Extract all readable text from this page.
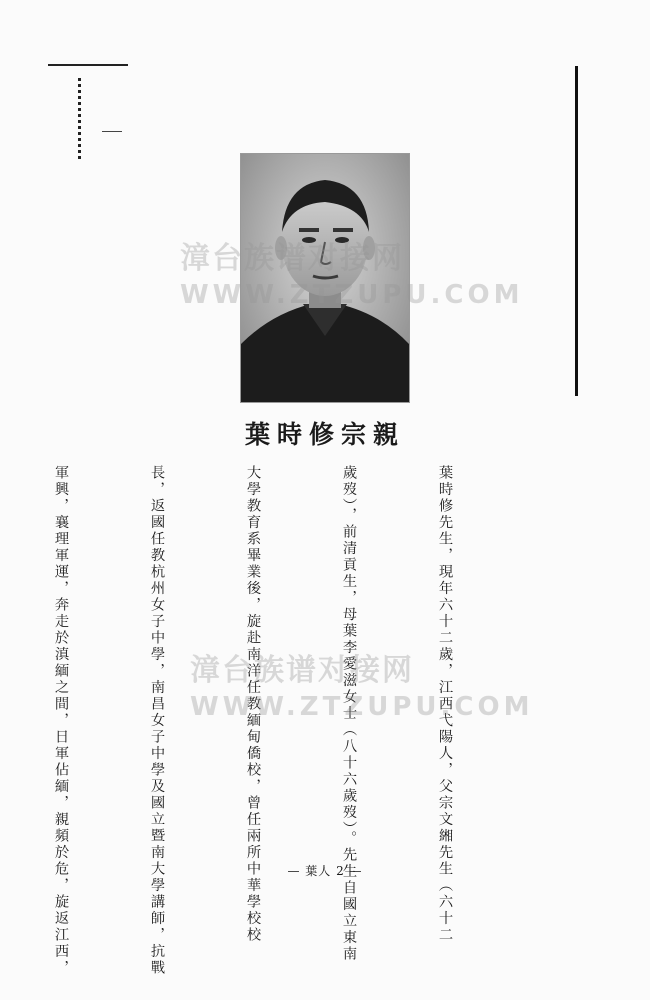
親宗修時葉

葉時修先生，現年六十二歲，江西弋陽人，父宗文緗先生（六十二

歲歿），前清貢生，母葉李愛滋女士（八十六歲歿）。先生自國立東南

大學教育系畢業後，旋赴南洋任教緬甸僑校，曾任兩所中華學校校

長，返國任教杭州女子中學，南昌女子中學及國立暨南大學講師，抗戰

軍興，襄理軍運，奔走於滇緬之間，日軍佔緬，親頻於危，旋返江西，

	— 葉人 2 —
漳台族谱对接网
WWW.ZTZUPU.COM
漳台族谱对接网
WWW.ZTZUPU.COM
